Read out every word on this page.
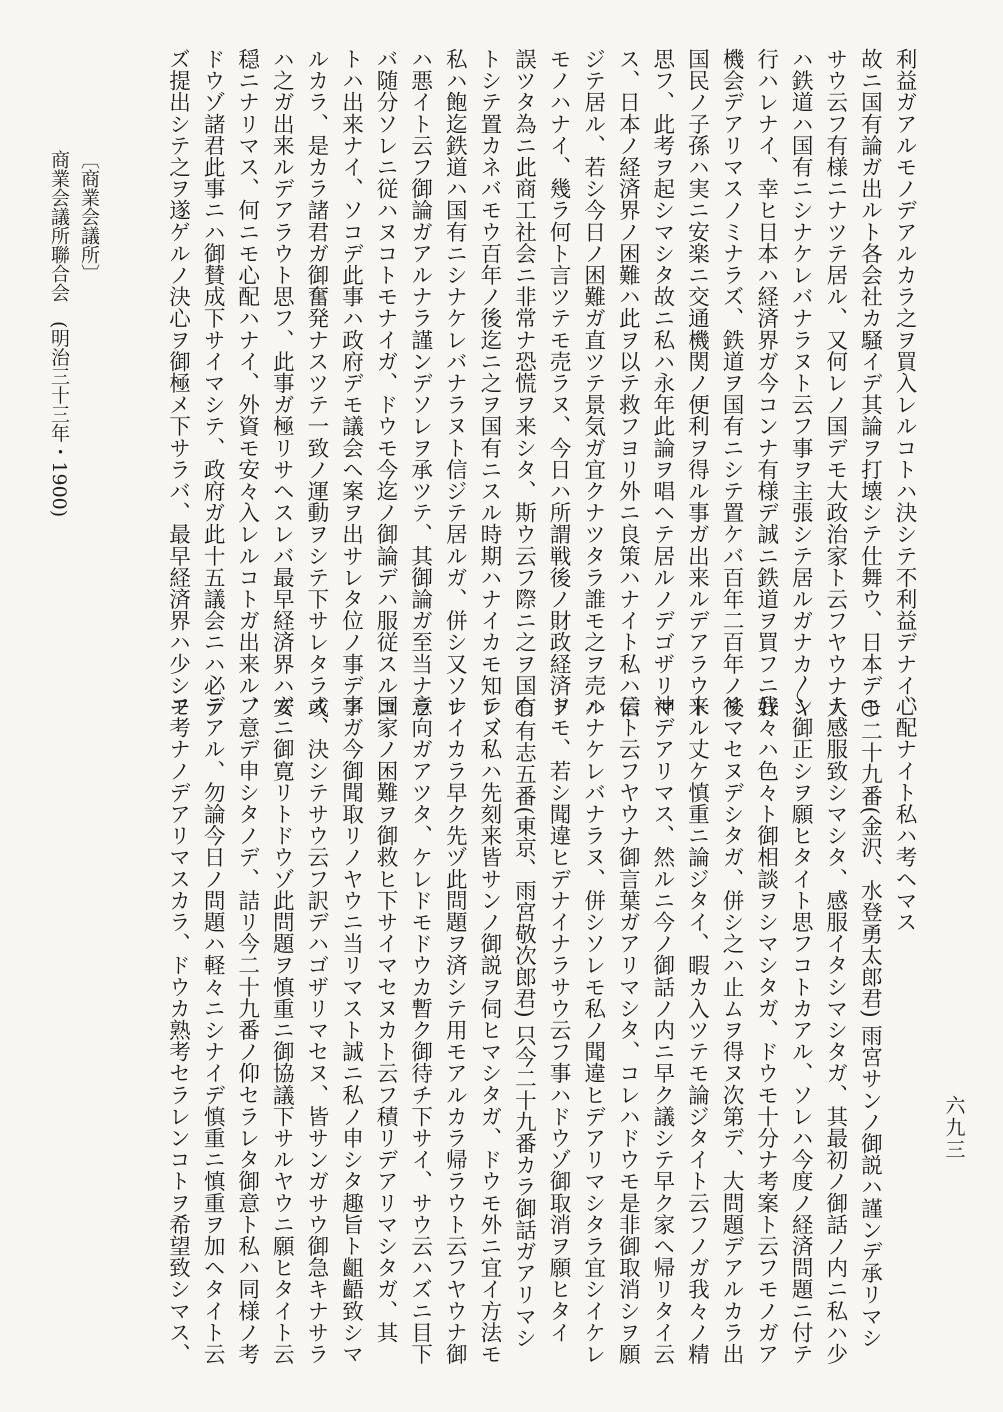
利益ガアルモノデアルカラ之ヲ買入レルコトハ決シテ不利益デナイ、

故ニ国有論ガ出ルト各会社カ騒イデ其論ヲ打壊シテ仕舞ウ、日本デモ

サウ云フ有様ニナツテ居ル、又何レノ国デモ大政治家ト云フヤウナ人

ハ鉄道ハ国有ニシナケレバナラヌト云フ事ヲ主張シテ居ルガナカ〳〵

行ハレナイ、幸ヒ日本ハ経済界ガ今コンナ有様デ誠ニ鉄道ヲ買フニ好

機会デアリマスノミナラズ、鉄道ヲ国有ニシテ置ケバ百年二百年ノ後

国民ノ子孫ハ実ニ安楽ニ交通機関ノ便利ヲ得ル事ガ出来ルデアラウト

思フ、此考ヲ起シマシタ故ニ私ハ永年此論ヲ唱ヘテ居ルノデゴザリマ

ス、日本ノ経済界ノ困難ハ此ヲ以テ救フヨリ外ニ良策ハナイト私ハ信

ジテ居ル、若シ今日ノ困難ガ直ツテ景気ガ宜クナツタラ誰モ之ヲ売ル

モノハナイ、幾ラ何ト言ツテモ売ラヌ、今日ハ所謂戦後ノ財政経済ヲ

誤ツタ為ニ此商工社会ニ非常ナ恐慌ヲ来シタ、斯ウ云フ際ニ之ヲ国有

トシテ置カネバモウ百年ノ後迄ニ之ヲ国有ニスル時期ハナイカモ知レヌ

私ハ飽迄鉄道ハ国有ニシナケレバナラヌト信ジテ居ルガ、併シ又ソレ

ハ悪イト云フ御論ガアルナラ謹ンデソレヲ承ツテ、其御論ガ至当ナラ

バ随分ソレニ従ハヌコトモナイガ、ドウモ今迄ノ御論デハ服従スルコ

トハ出来ナイ、ソコデ此事ハ政府デモ議会ヘ案ヲ出サレタ位ノ事デア

ルカラ、是カラ諸君ガ御奮発ナスツテ一致ノ運動ヲシテ下サレタラ或

ハ之ガ出来ルデアラウト思フ、此事ガ極リサヘスレバ最早経済界ハ安

穏ニナリマス、何ニモ心配ハナイ、外資モ安々入レルコトガ出来ル、

ドウゾ諸君此事ニハ御賛成下サイマシテ、政府ガ此十五議会ニハ必ラ

ズ提出シテ之ヲ遂ゲルノ決心ヲ御極メ下サラバ、最早経済界ハ少シモ

心配ナイト私ハ考ヘマス

○二十九番(金沢、水登勇太郎君) 雨宮サンノ御説ハ謹ンデ承リマシ

テ感服致シマシタ、感服イタシマシタガ、其最初ノ御話ノ内ニ私ハ少

シ御正シヲ願ヒタイト思フコトカアル、ソレハ今度ノ経済問題ニ付テ

我々ハ色々ト御相談ヲシマシタガ、ドウモ十分ナ考案ト云フモノガア

リマセヌデシタガ、併シ之ハ止ムヲ得ヌ次第デ、大問題デアルカラ出

来ル丈ケ慎重ニ論ジタイ、暇カ入ツテモ論ジタイト云フノガ我々ノ精

神デアリマス、然ルニ今ノ御話ノ内ニ早ク議シテ早ク家ヘ帰リタイ云

云ト云フヤウナ御言葉ガアリマシタ、コレハドウモ是非御取消シヲ願

ハナケレバナラヌ、併シソレモ私ノ聞違ヒデアリマシタラ宜シイケレ

ドモ、若シ聞違ヒデナイナラサウ云フ事ハドウゾ御取消ヲ願ヒタイ

○有志五番(東京、雨宮敬次郎君) 只今二十九番カラ御話ガアリマシ

テ、私ハ先刻来皆サンノ御説ヲ伺ヒマシタガ、ドウモ外ニ宜イ方法モ

ナイカラ早ク先ヅ此問題ヲ済シテ用モアルカラ帰ラウト云フヤウナ御

意向ガアツタ、ケレドモドウカ暫ク御待チ下サイ、サウ云ハズニ目下

国家ノ困難ヲ御救ヒ下サイマセヌカト云フ積リデアリマシタガ、其

事ガ今御聞取リノヤウニ当リマスト誠ニ私ノ申シタ趣旨ト齟齬致シマ

ス、決シテサウ云フ訳デハゴザリマセヌ、皆サンガサウ御急キナサラ

ズニ御寛リトドウゾ此問題ヲ慎重ニ御協議下サルヤウニ願ヒタイト云

フ意デ申シタノデ、詰リ今二十九番ノ仰セラレタ御意ト私ハ同様ノ考

デアル、勿論今日ノ問題ハ軽々ニシナイデ慎重ニ慎重ヲ加ヘタイト云

フ考ナノデアリマスカラ、ドウカ熟考セラレンコトヲ希望致シマス、	六九三
〔商業会議所〕
商業会議所聯合会　(明治三十三年・1900)
